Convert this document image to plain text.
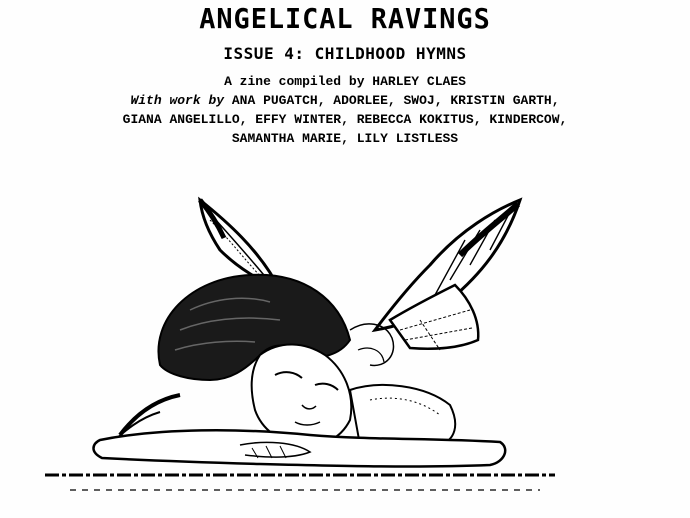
ANGELICAL RAVINGS
ISSUE 4: CHILDHOOD HYMNS
A zine compiled by HARLEY CLAES
With work by ANA PUGATCH, ADORLEE, SWOJ, KRISTIN GARTH,
GIANA ANGELILLO, EFFY WINTER, REBECCA KOKITUS, KINDERCOW,
SAMANTHA MARIE, LILY LISTLESS
